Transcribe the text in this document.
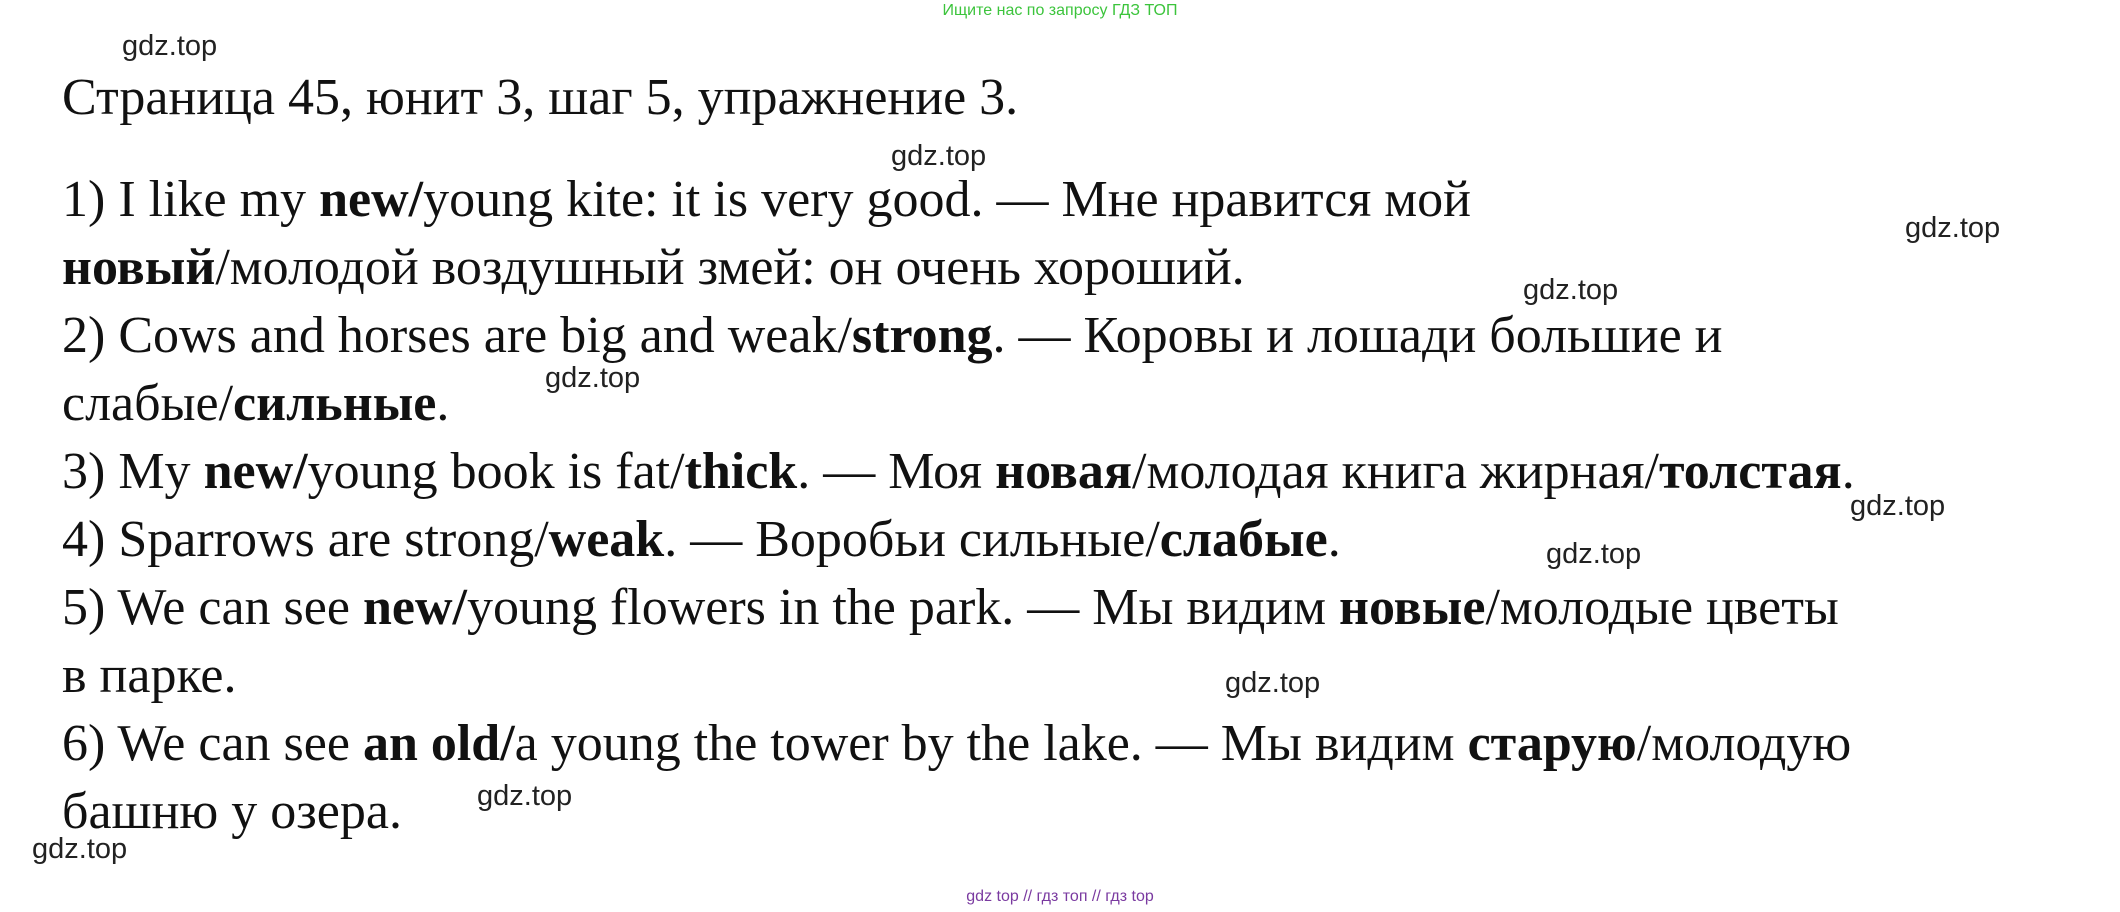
Ищите нас по запросу ГДЗ ТОП
gdz.top
gdz.top
gdz.top
gdz.top
gdz.top
gdz.top
gdz.top
gdz.top
gdz.top
gdz.top
Страница 45, юнит 3, шаг 5, упражнение 3.
1) I like my new/young kite: it is very good. — Мне нравится мой
новый/молодой воздушный змей: он очень хороший.
2) Cows and horses are big and weak/strong. — Коровы и лошади большие и
слабые/сильные.
3) My new/young book is fat/thick. — Моя новая/молодая книга жирная/толстая.
4) Sparrows are strong/weak. — Воробьи сильные/слабые.
5) We can see new/young flowers in the park. — Мы видим новые/молодые цветы
в парке.
6) We can see an old/a young the tower by the lake. — Мы видим старую/молодую
башню у озера.
gdz top // гдз топ // гдз top
